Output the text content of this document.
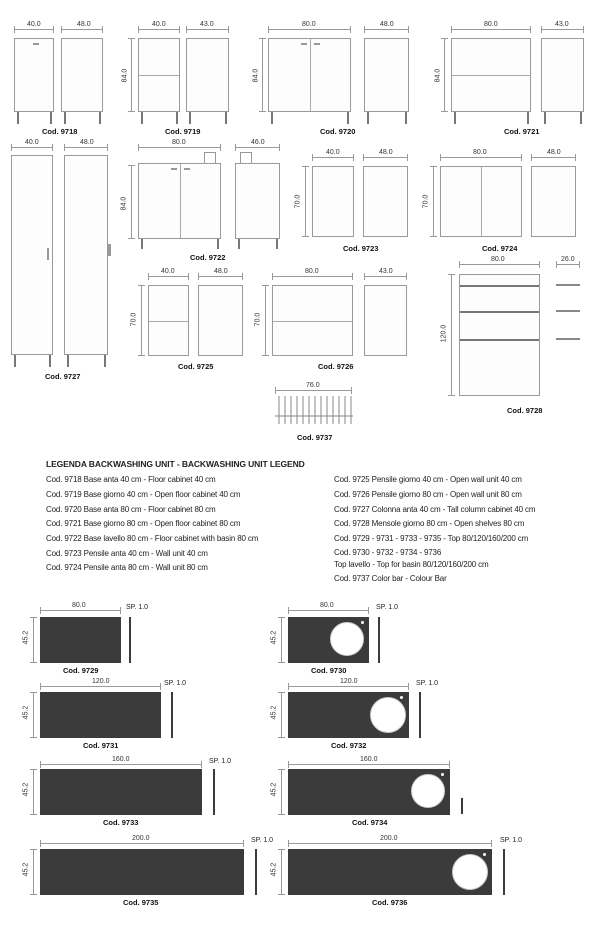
40.0	48.0
Cod. 9718
40.0	43.0
84.0
Cod. 9719
80.0	48.0
84.0
Cod. 9720
80.0	43.0
84.0
Cod. 9721
40.0	48.0
Cod. 9727
80.0	46.0
84.0
Cod. 9722
40.0	48.0
70.0
Cod. 9723
80.0	48.0
70.0
Cod. 9724
40.0	48.0
70.0
Cod. 9725
80.0	43.0
70.0
Cod. 9726
80.0	26.0
120.0
Cod. 9728
76.0
Cod. 9737
LEGENDA BACKWASHING UNIT - BACKWASHING UNIT LEGEND
Cod. 9718 Base anta 40 cm - Floor cabinet 40 cm
Cod. 9719 Base giorno 40 cm - Open floor cabinet 40 cm
Cod. 9720 Base anta 80 cm - Floor cabinet 80 cm
Cod. 9721 Base giorno 80 cm - Open floor cabinet 80 cm
Cod. 9722 Base lavello 80 cm - Floor cabinet with basin 80 cm
Cod. 9723 Pensile anta 40 cm - Wall unit 40 cm
Cod. 9724 Pensile anta 80 cm - Wall unit 80 cm
Cod. 9725 Pensile giorno 40 cm - Open wall unit 40 cm
Cod. 9726 Pensile giorno 80 cm - Open wall unit 80 cm
Cod. 9727 Colonna anta 40 cm - Tall column cabinet 40 cm
Cod. 9728 Mensole giorno 80 cm - Open shelves 80 cm
Cod. 9729 - 9731 - 9733 - 9735 - Top 80/120/160/200 cm
Cod. 9730 - 9732 - 9734 - 9736
Top lavello - Top for basin 80/120/160/200 cm
Cod. 9737 Color bar - Colour Bar
80.0	SP. 1.0
45.2
Cod. 9729
80.0	SP. 1.0
45.2
Cod. 9730
120.0	SP. 1.0
45.2
Cod. 9731
120.0	SP. 1.0
45.2
Cod. 9732
160.0	SP. 1.0
45.2
Cod. 9733
160.0
45.2
Cod. 9734
200.0	SP. 1.0
45.2
Cod. 9735
200.0	SP. 1.0
45.2
Cod. 9736
